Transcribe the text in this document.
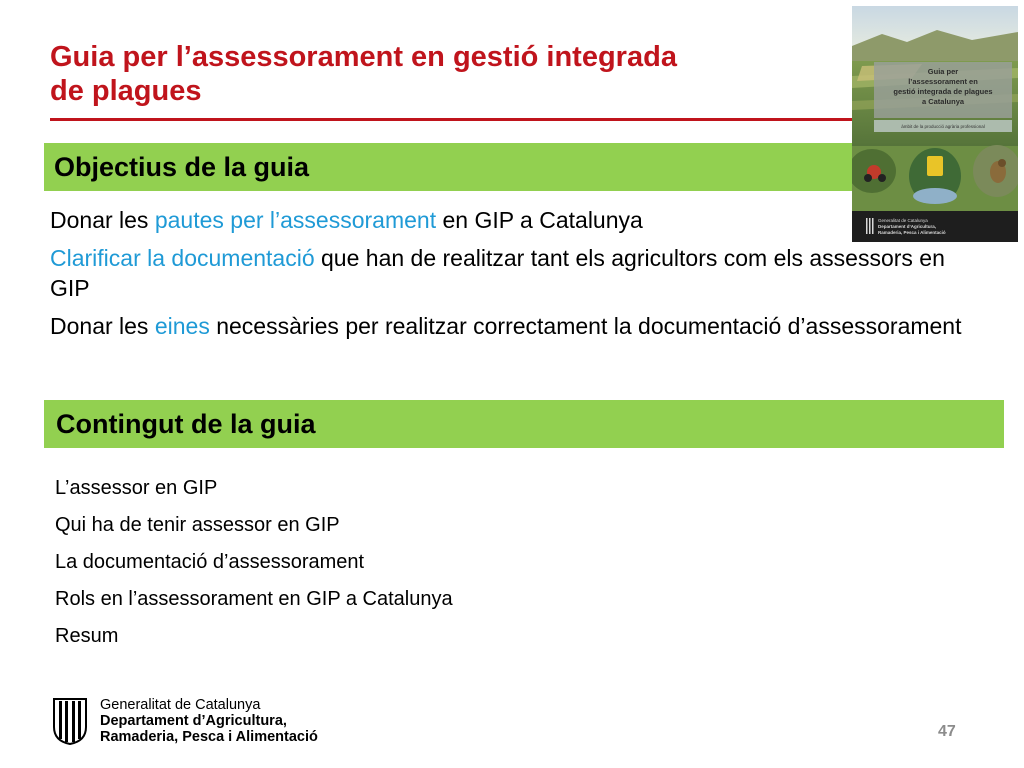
Guia per l’assessorament en gestió integrada
de plagues
Objectius de la guia
Donar les pautes per l’assessorament en GIP a Catalunya
Clarificar la documentació que han de realitzar tant els agricultors com els assessors en GIP
Donar les eines necessàries per realitzar correctament la documentació d’assessorament
Contingut de la guia
L’assessor en GIP
Qui ha de tenir assessor en GIP
La documentació d’assessorament
Rols en l’assessorament en GIP a Catalunya
Resum
Guia per
l’assessorament en
gestió integrada de plagues
a Catalunya
àmbit de la producció agrària professional
Generalitat de Catalunya
Departament d’Agricultura,
Ramaderia, Pesca i Alimentació
Generalitat de Catalunya
Departament d’Agricultura,
Ramaderia, Pesca i Alimentació	47
